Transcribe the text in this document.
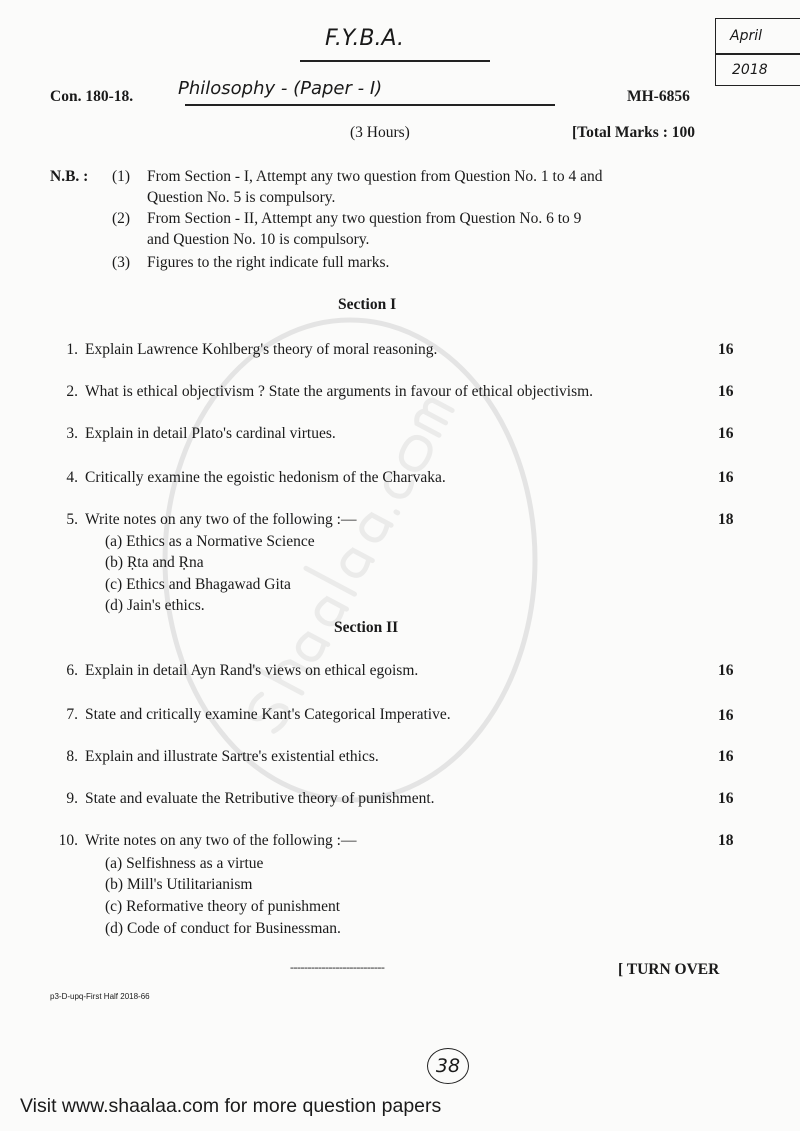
F.Y.B.A.	April
2018
Con. 180-18. Philosophy - (Paper - I)	MH-6856
(3 Hours)	[Total Marks : 100
N.B. : (1) From Section - I, Attempt any two question from Question No. 1 to 4 and
Question No. 5 is compulsory.
(2) From Section - II, Attempt any two question from Question No. 6 to 9
and Question No. 10 is compulsory.
(3) Figures to the right indicate full marks.
Section I
1. Explain Lawrence Kohlberg's theory of moral reasoning.	16
2. What is ethical objectivism ? State the arguments in favour of ethical objectivism.	16
3. Explain in detail Plato's cardinal virtues.	16
4. Critically examine the egoistic hedonism of the Charvaka.	16
5. Write notes on any two of the following :—	18
(a) Ethics as a Normative Science
(b) Ṛta and Ṛna
(c) Ethics and Bhagawad Gita
(d) Jain's ethics.
Section II
6. Explain in detail Ayn Rand's views on ethical egoism.	16
7. State and critically examine Kant's Categorical Imperative.	16
8. Explain and illustrate Sartre's existential ethics.	16
9. State and evaluate the Retributive theory of punishment.	16
10. Write notes on any two of the following :—	18
(a) Selfishness as a virtue
(b) Mill's Utilitarianism
(c) Reformative theory of punishment
(d) Code of conduct for Businessman.
---------------------------	[ TURN OVER
p3-D-upq-First Half 2018-66
38
Visit www.shaalaa.com for more question papers
